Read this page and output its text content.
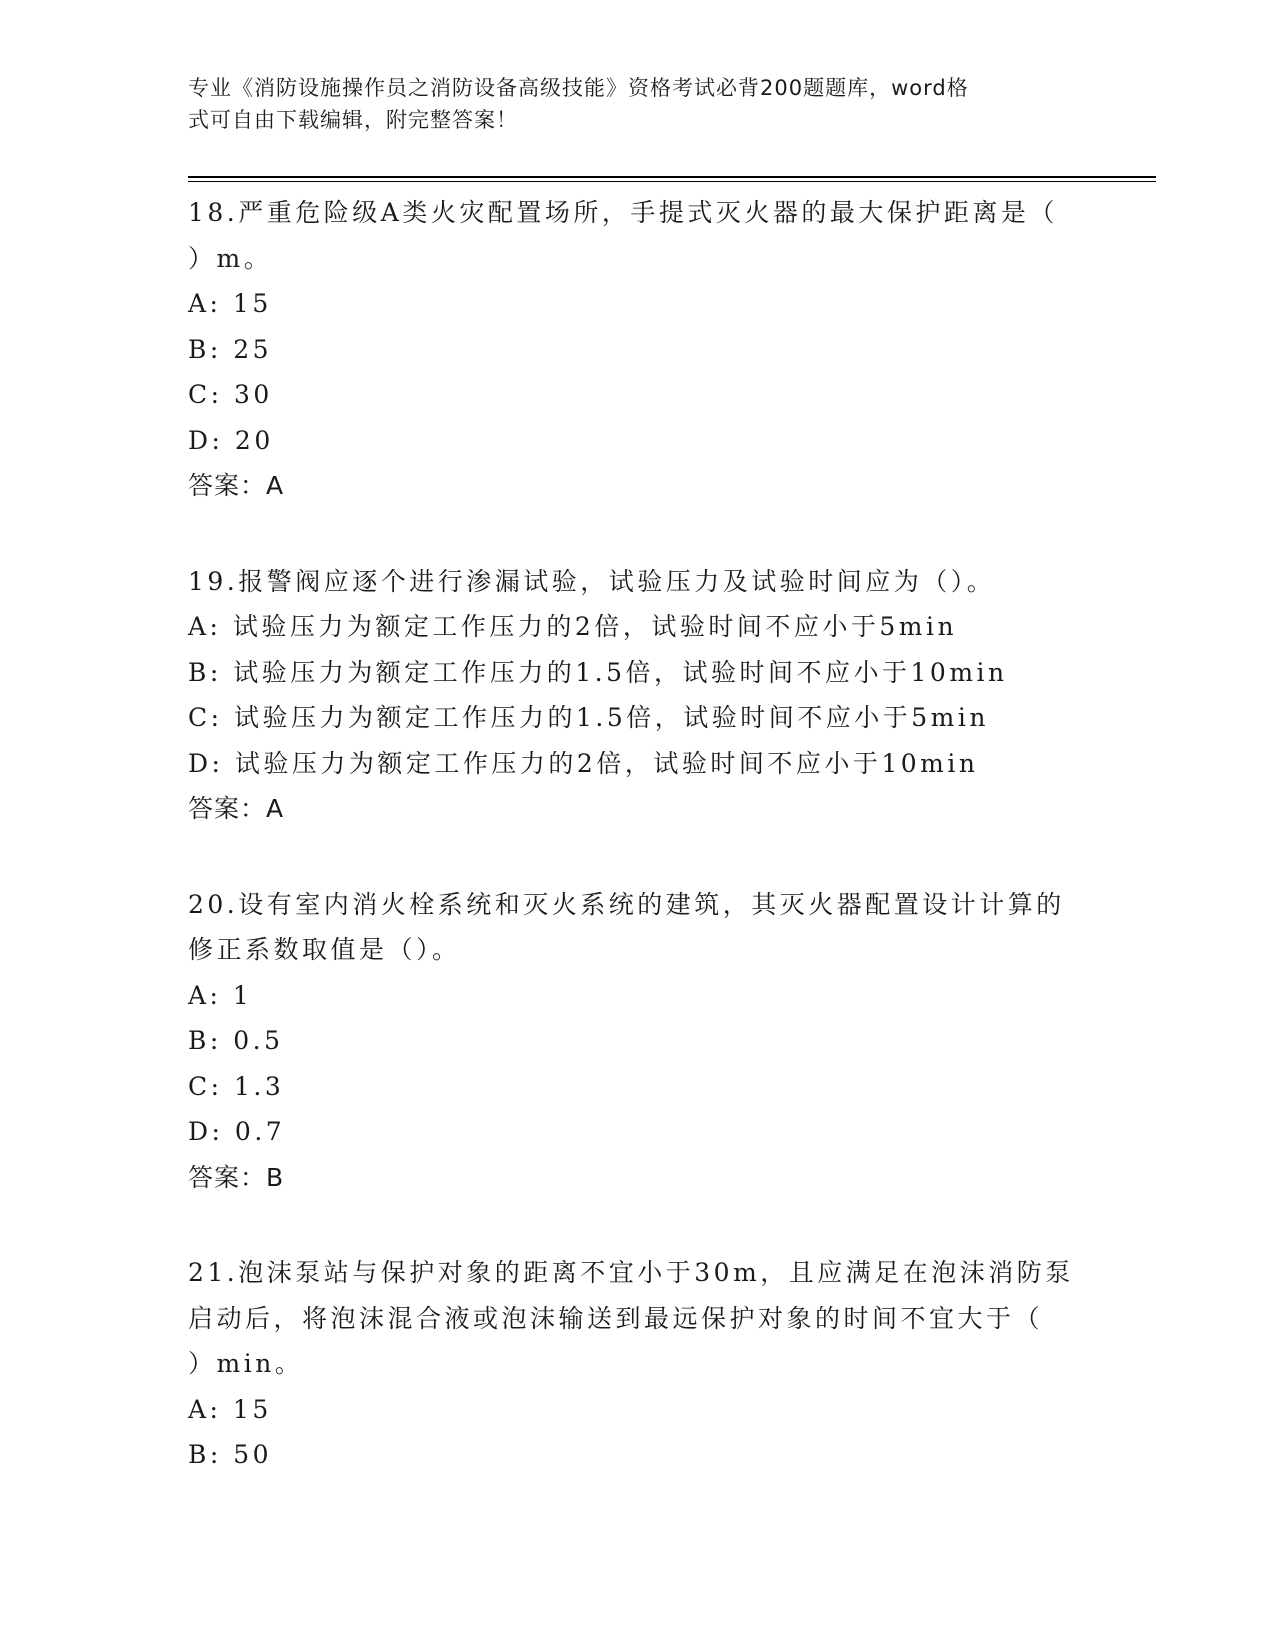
专业《消防设施操作员之消防设备高级技能》资格考试必背200题题库，word格
式可自由下载编辑，附完整答案！
18.严重危险级A类火灾配置场所，手提式灭火器的最大保护距离是（
）m。
A: 15
B: 25
C: 30
D: 20
答案：A
19.报警阀应逐个进行渗漏试验，试验压力及试验时间应为（）。
A: 试验压力为额定工作压力的2倍，试验时间不应小于5min
B: 试验压力为额定工作压力的1.5倍，试验时间不应小于10min
C: 试验压力为额定工作压力的1.5倍，试验时间不应小于5min
D: 试验压力为额定工作压力的2倍，试验时间不应小于10min
答案：A
20.设有室内消火栓系统和灭火系统的建筑，其灭火器配置设计计算的
修正系数取值是（）。
A: 1
B: 0.5
C: 1.3
D: 0.7
答案：B
21.泡沫泵站与保护对象的距离不宜小于30m，且应满足在泡沫消防泵
启动后，将泡沫混合液或泡沫输送到最远保护对象的时间不宜大于（
）min。
A: 15
B: 50
